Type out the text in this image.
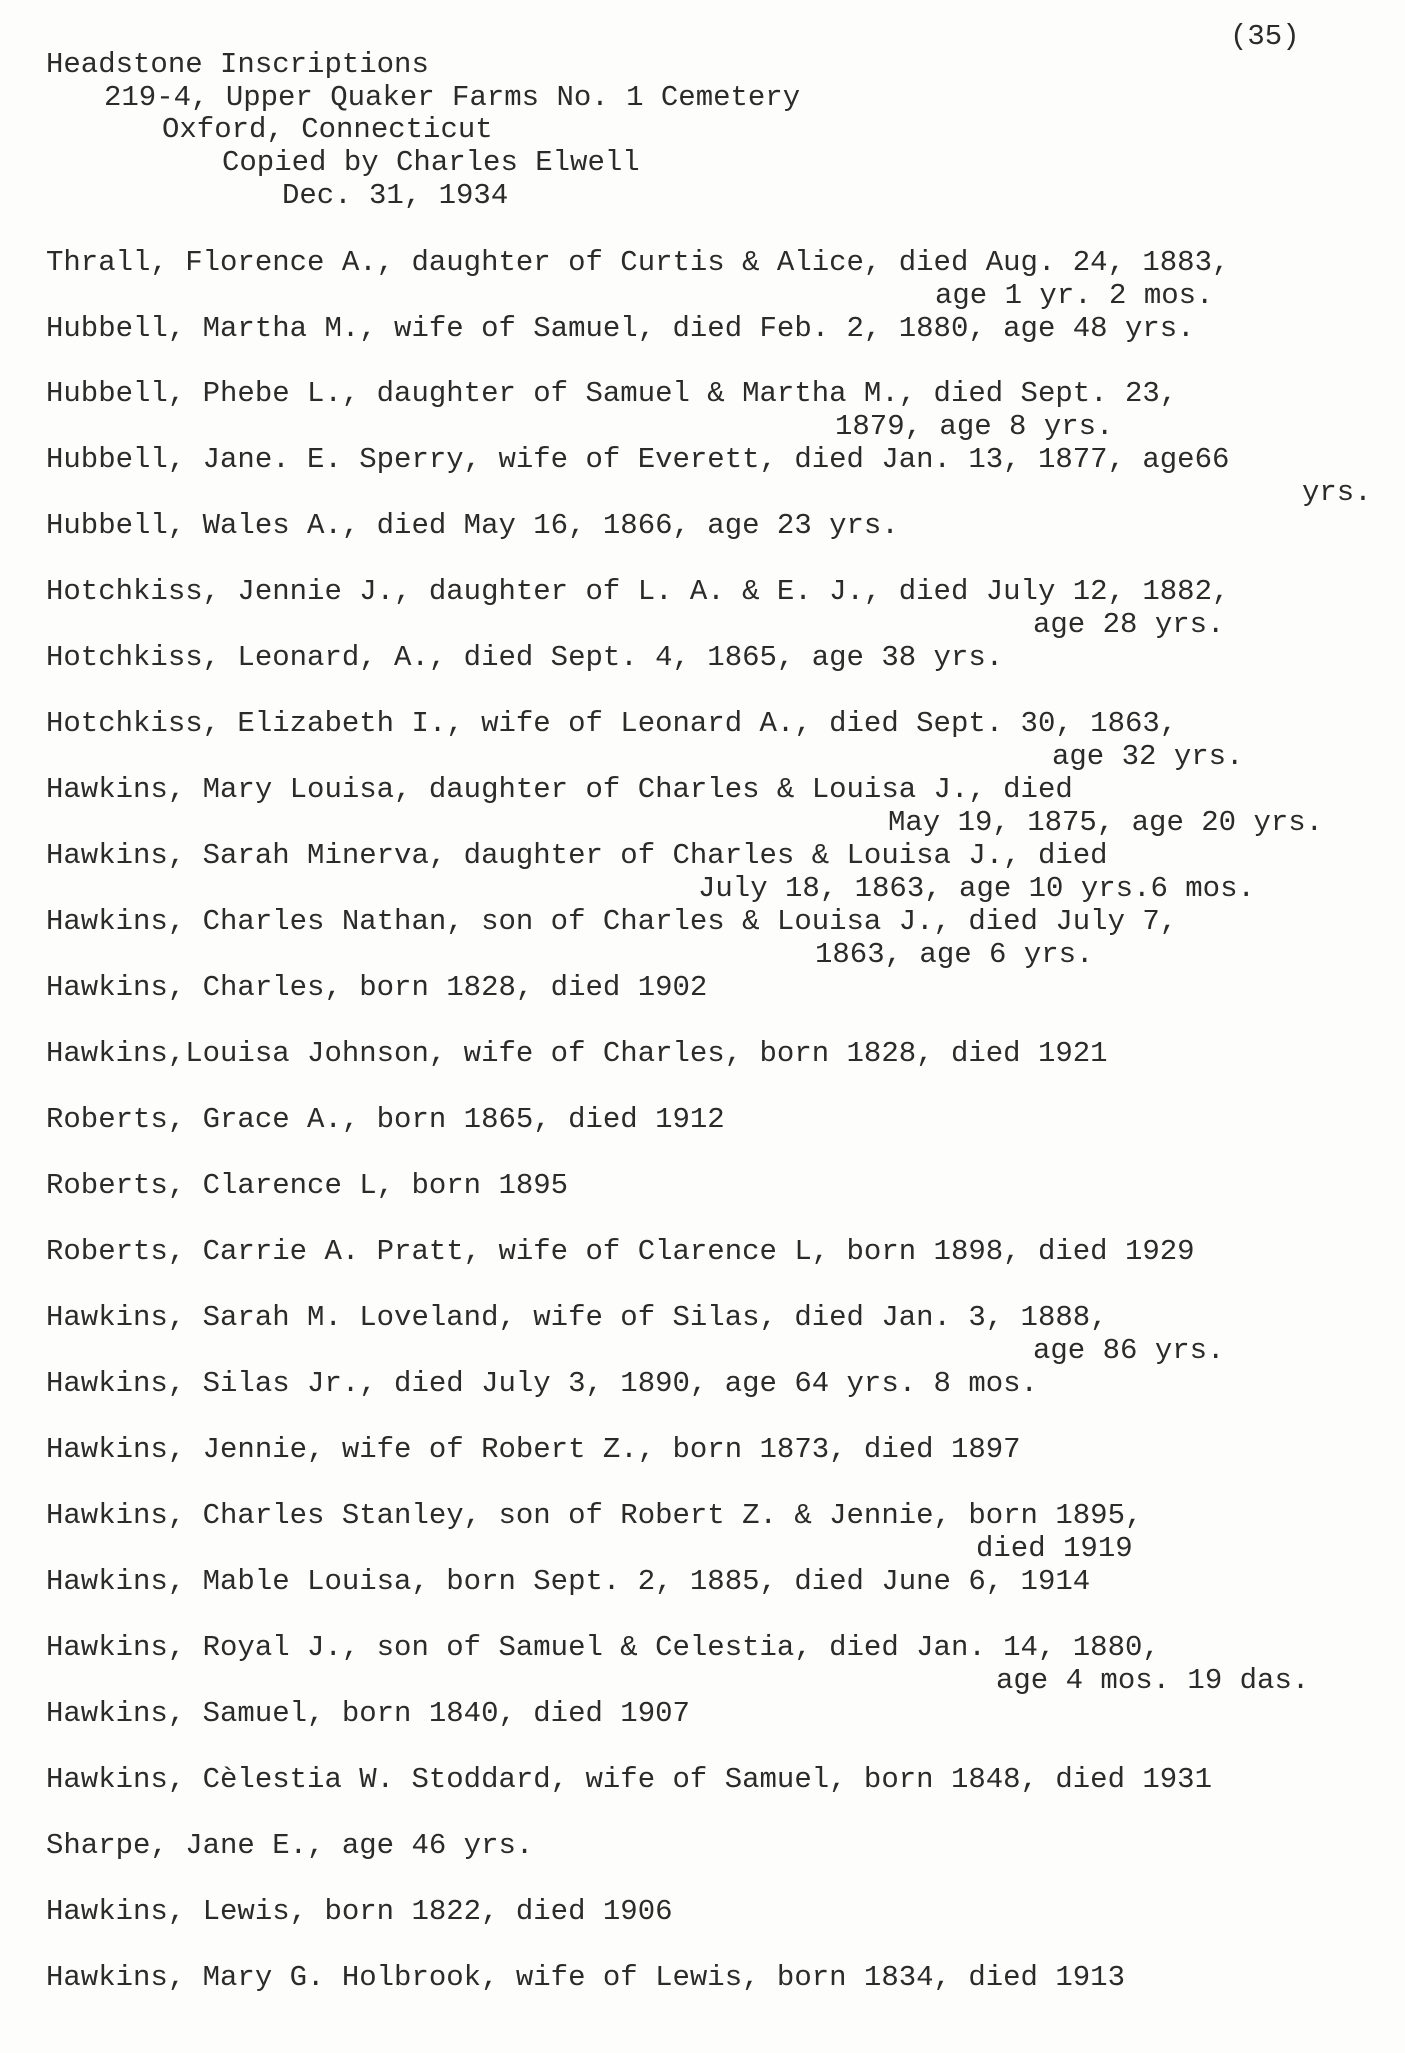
(35)
Headstone Inscriptions
219-4, Upper Quaker Farms No. 1 Cemetery
Oxford, Connecticut
Copied by Charles Elwell
Dec. 31, 1934
Thrall, Florence A., daughter of Curtis & Alice, died Aug. 24, 1883,
age 1 yr. 2 mos.
Hubbell, Martha M., wife of Samuel, died Feb. 2, 1880, age 48 yrs.
Hubbell, Phebe L., daughter of Samuel & Martha M., died Sept. 23,
1879, age 8 yrs.
Hubbell, Jane. E. Sperry, wife of Everett, died Jan. 13, 1877, age66
yrs.
Hubbell, Wales A., died May 16, 1866, age 23 yrs.
Hotchkiss, Jennie J., daughter of L. A. & E. J., died July 12, 1882,
age 28 yrs.
Hotchkiss, Leonard, A., died Sept. 4, 1865, age 38 yrs.
Hotchkiss, Elizabeth I., wife of Leonard A., died Sept. 30, 1863,
age 32 yrs.
Hawkins, Mary Louisa, daughter of Charles & Louisa J., died
May 19, 1875, age 20 yrs.
Hawkins, Sarah Minerva, daughter of Charles & Louisa J., died
July 18, 1863, age 10 yrs.6 mos.
Hawkins, Charles Nathan, son of Charles & Louisa J., died July 7,
1863, age 6 yrs.
Hawkins, Charles, born 1828, died 1902
Hawkins,Louisa Johnson, wife of Charles, born 1828, died 1921
Roberts, Grace A., born 1865, died 1912
Roberts, Clarence L, born 1895
Roberts, Carrie A. Pratt, wife of Clarence L, born 1898, died 1929
Hawkins, Sarah M. Loveland, wife of Silas, died Jan. 3, 1888,
age 86 yrs.
Hawkins, Silas Jr., died July 3, 1890, age 64 yrs. 8 mos.
Hawkins, Jennie, wife of Robert Z., born 1873, died 1897
Hawkins, Charles Stanley, son of Robert Z. & Jennie, born 1895,
died 1919
Hawkins, Mable Louisa, born Sept. 2, 1885, died June 6, 1914
Hawkins, Royal J., son of Samuel & Celestia, died Jan. 14, 1880,
age 4 mos. 19 das.
Hawkins, Samuel, born 1840, died 1907
Hawkins, Cèlestia W. Stoddard, wife of Samuel, born 1848, died 1931
Sharpe, Jane E., age 46 yrs.
Hawkins, Lewis, born 1822, died 1906
Hawkins, Mary G. Holbrook, wife of Lewis, born 1834, died 1913
